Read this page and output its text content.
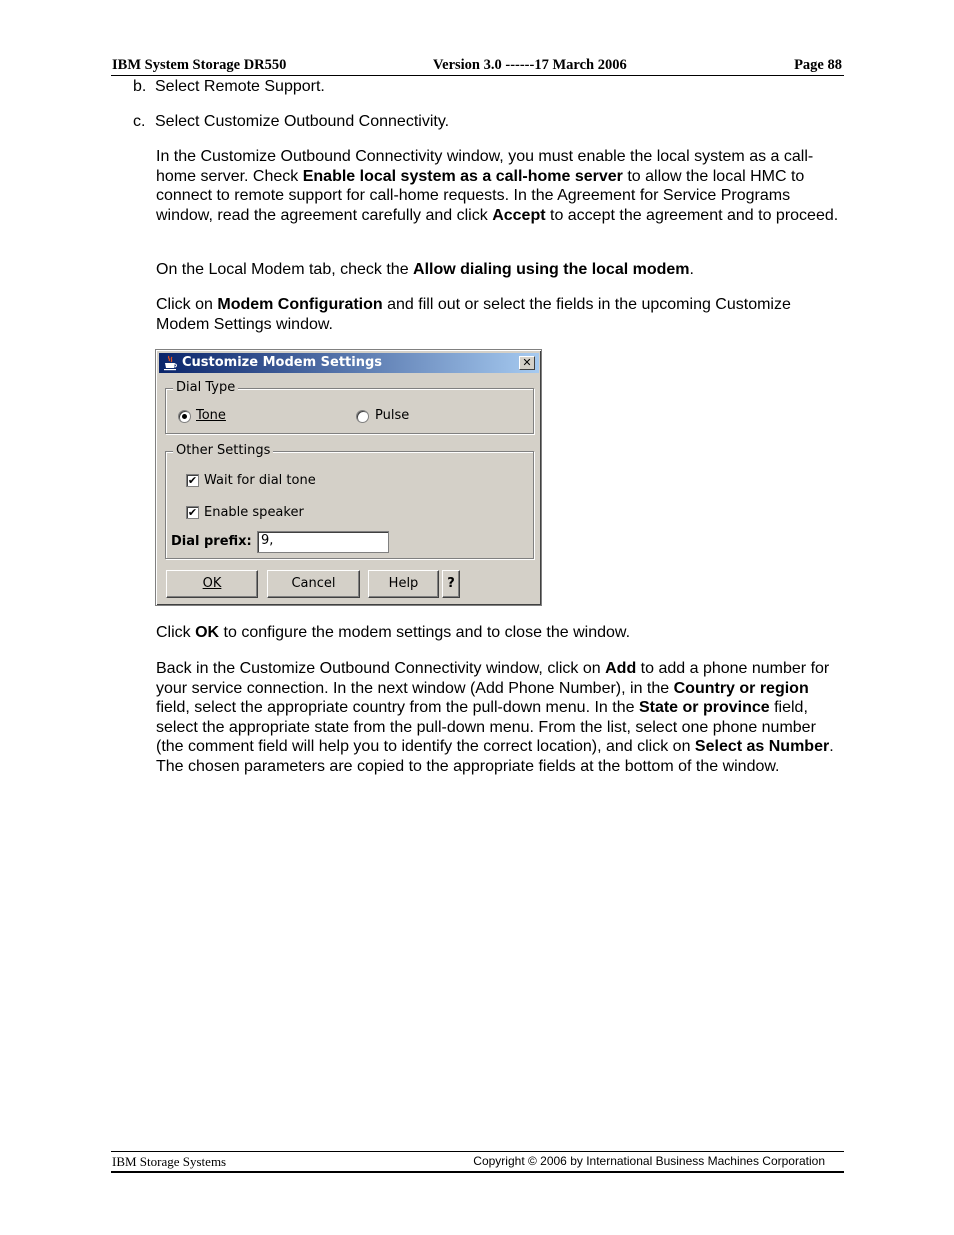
IBM System Storage DR550	Version 3.0 ------17 March 2006	Page 88
b. Select Remote Support.
c. Select Customize Outbound Connectivity.
In the Customize Outbound Connectivity window, you must enable the local system as a call-home server. Check Enable local system as a call-home server to allow the local HMC to connect to remote support for call-home requests. In the Agreement for Service Programs window, read the agreement carefully and click Accept to accept the agreement and to proceed.
On the Local Modem tab, check the Allow dialing using the local modem.
Click on Modem Configuration and fill out or select the fields in the upcoming Customize Modem Settings window.
Customize Modem Settings	✕
Dial Type
Tone	Pulse
Other Settings
✔ Wait for dial tone
✔ Enable speaker
Dial prefix: 9,
OK	Cancel	Help	?
Click OK to configure the modem settings and to close the window.
Back in the Customize Outbound Connectivity window, click on Add to add a phone number for your service connection. In the next window (Add Phone Number), in the Country or region field, select the appropriate country from the pull-down menu. In the State or province field, select the appropriate state from the pull-down menu. From the list, select one phone number (the comment field will help you to identify the correct location), and click on Select as Number. The chosen parameters are copied to the appropriate fields at the bottom of the window.
IBM Storage Systems	Copyright © 2006 by International Business Machines Corporation
